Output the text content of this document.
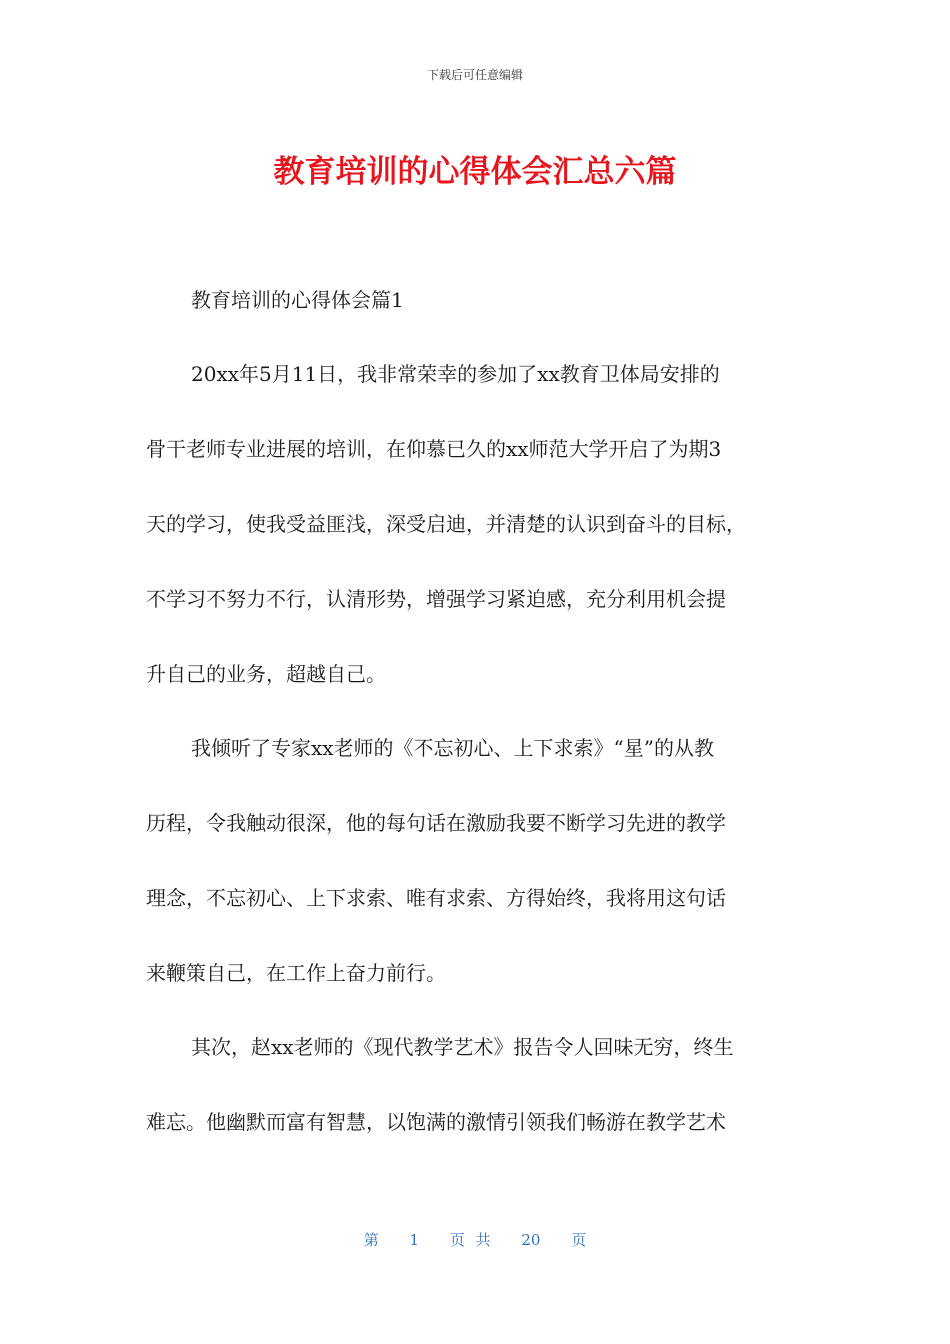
下载后可任意编辑
教育培训的心得体会汇总六篇
教育培训的心得体会篇1
20xx年5月11日，我非常荣幸的参加了xx教育卫体局安排的
骨干老师专业进展的培训，在仰慕已久的xx师范大学开启了为期3
天的学习，使我受益匪浅，深受启迪，并清楚的认识到奋斗的目标，
不学习不努力不行，认清形势，增强学习紧迫感，充分利用机会提
升自己的业务，超越自己。
我倾听了专家xx老师的《不忘初心、上下求索》“星”的从教
历程，令我触动很深，他的每句话在激励我要不断学习先进的教学
理念，不忘初心、上下求索、唯有求索、方得始终，我将用这句话
来鞭策自己，在工作上奋力前行。
其次，赵xx老师的《现代教学艺术》报告令人回味无穷，终生
难忘。他幽默而富有智慧，以饱满的激情引领我们畅游在教学艺术
第 1 页 共 20 页
